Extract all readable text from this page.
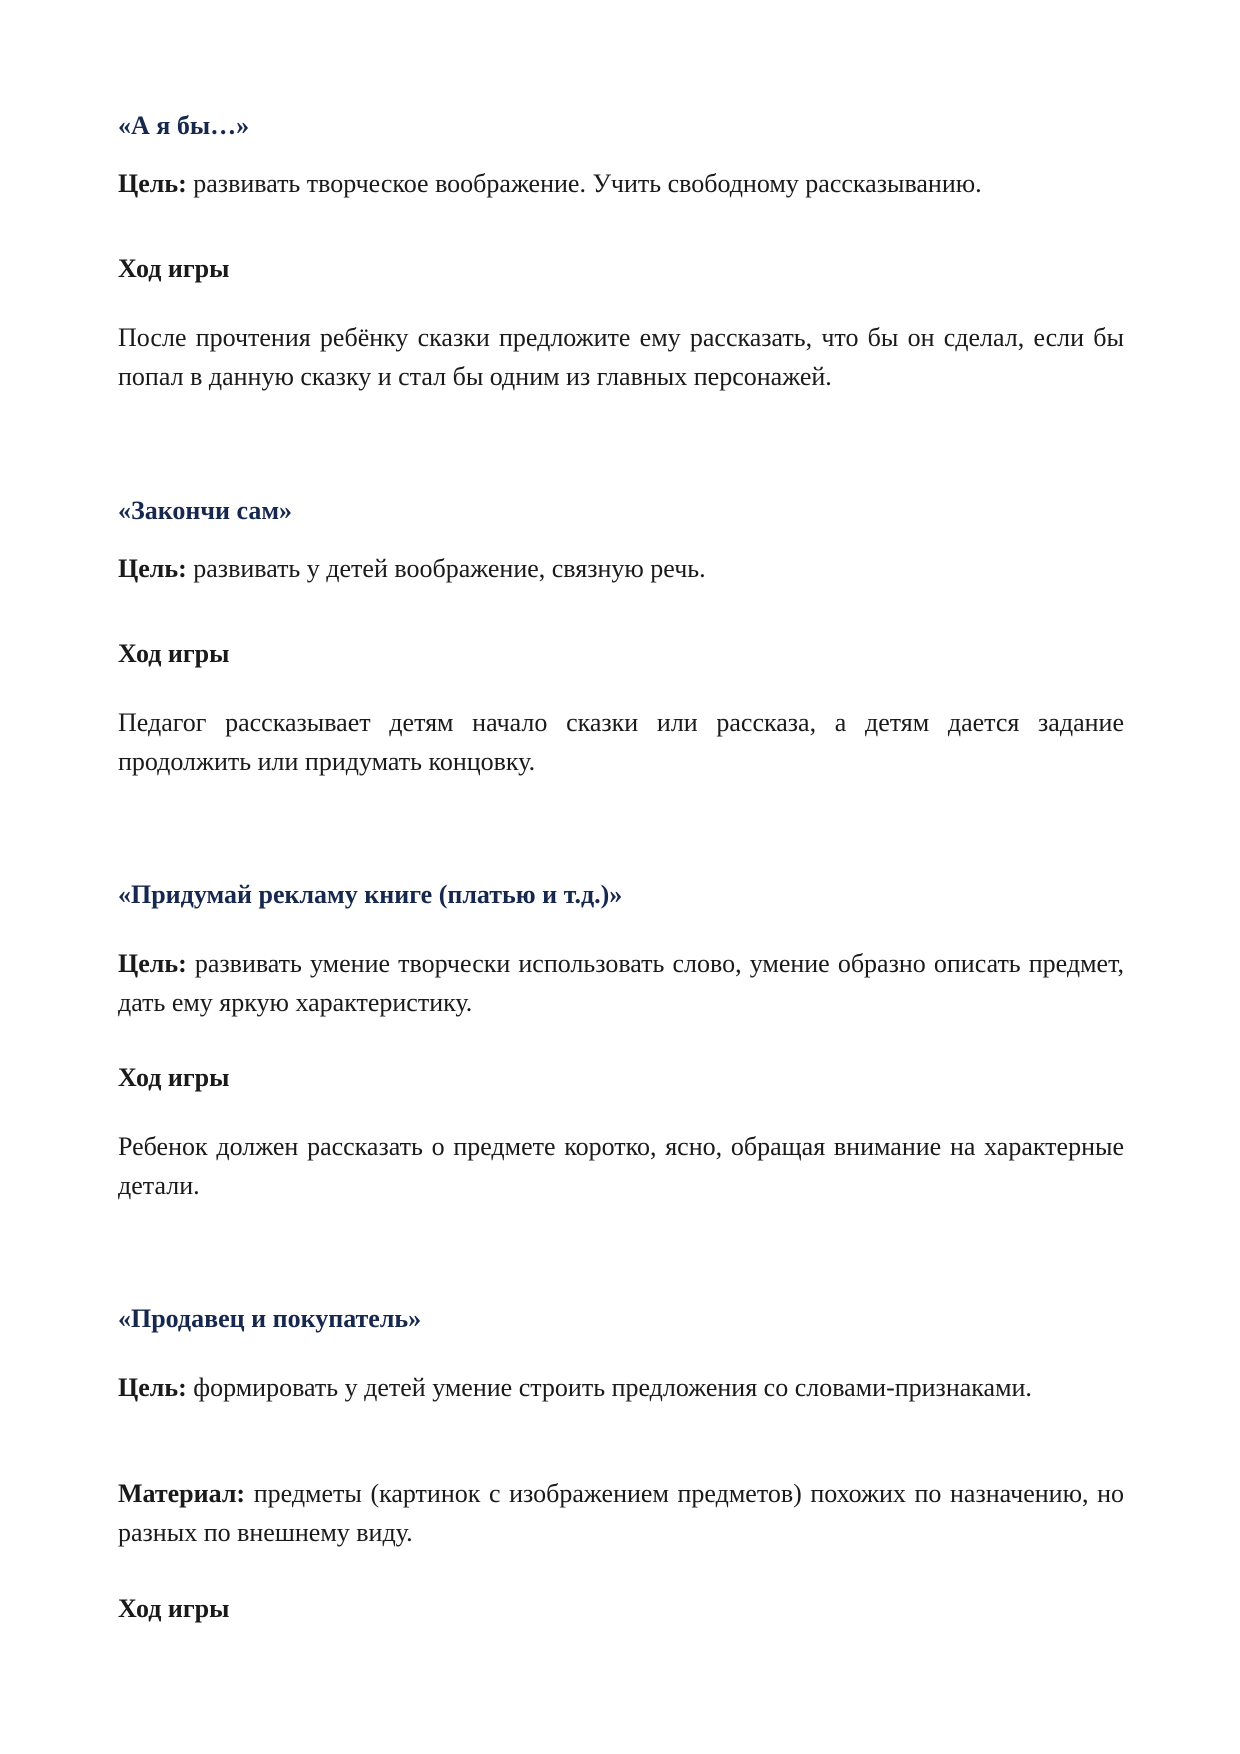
«А я бы…»

Цель: развивать творческое воображение. Учить свободному рассказыванию.

Ход игры

После прочтения ребёнку сказки предложите ему рассказать, что бы он сделал, если бы попал в данную сказку и стал бы одним из главных персонажей.

«Закончи сам»

Цель: развивать у детей воображение, связную речь.

Ход игры

Педагог рассказывает детям начало сказки или рассказа, а детям дается задание продолжить или придумать концовку.

«Придумай рекламу книге (платью и т.д.)»

Цель: развивать умение творчески использовать слово, умение образно описать предмет, дать ему яркую характеристику.

Ход игры

Ребенок должен рассказать о предмете коротко, ясно, обращая внимание на характерные детали.

«Продавец и покупатель»

Цель: формировать у детей умение строить предложения со словами-признаками.

Материал: предметы (картинок с изображением предметов) похожих по назначению, но разных по внешнему виду.

Ход игры
